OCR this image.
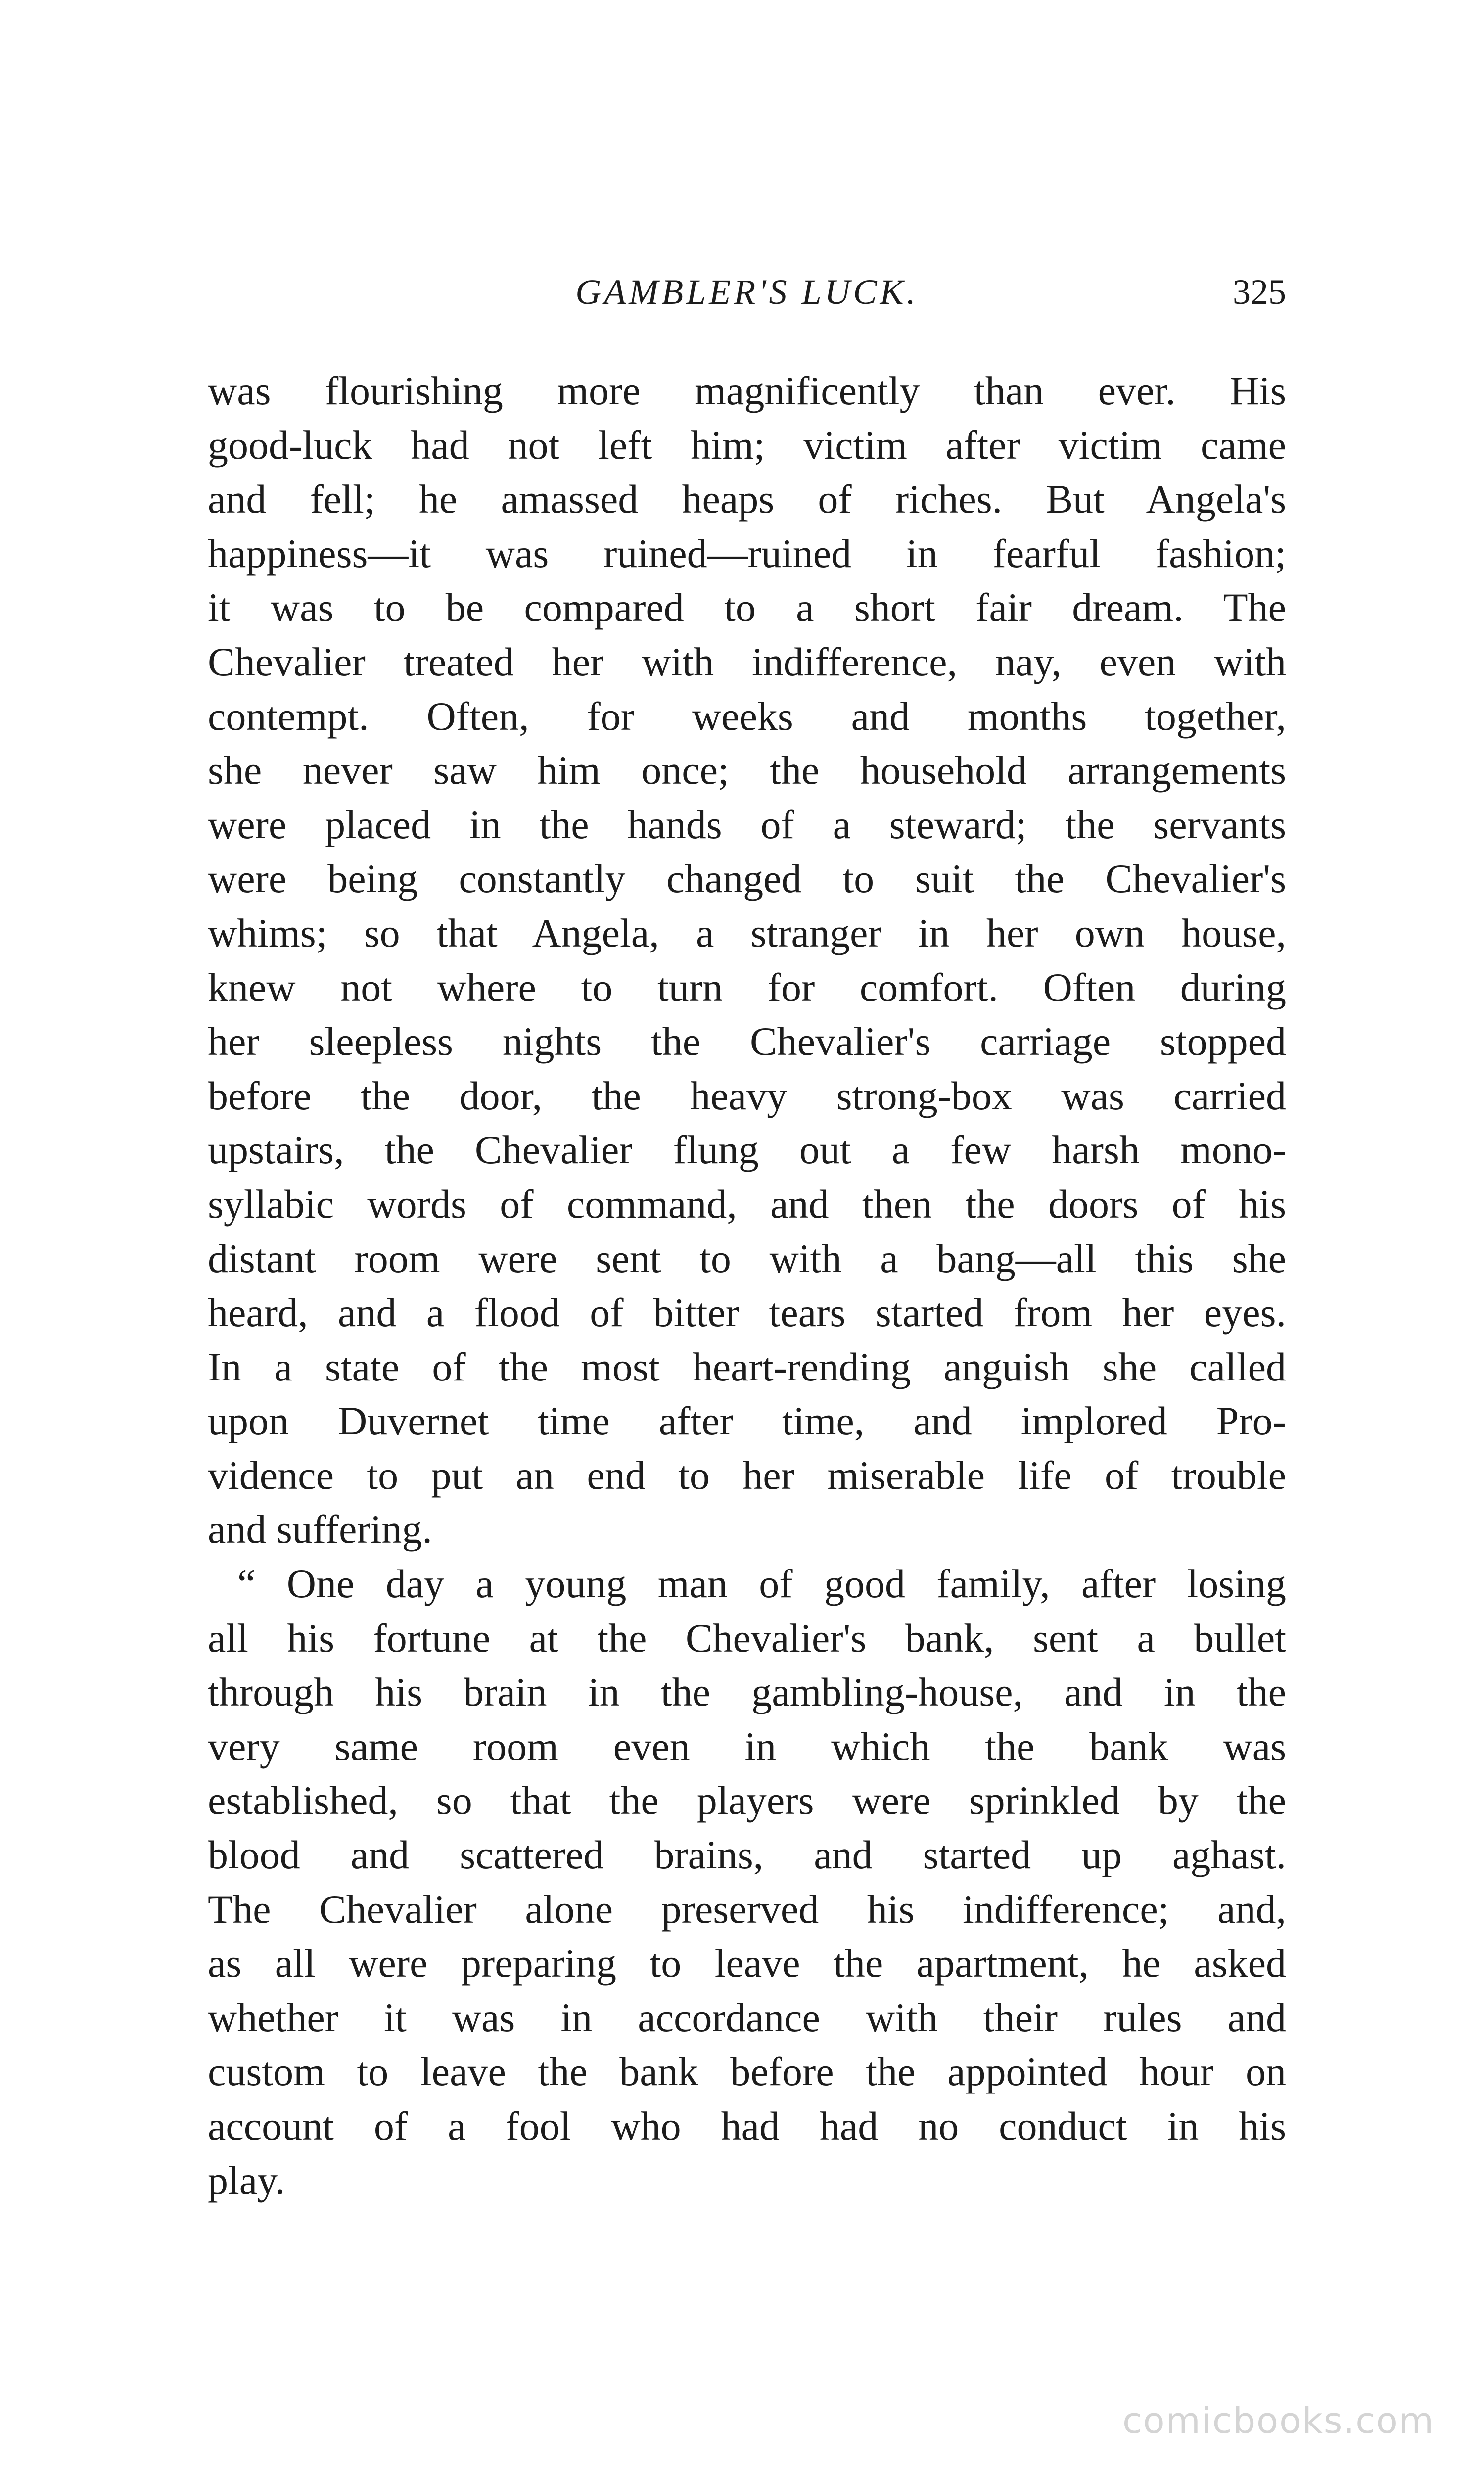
GAMBLER'S LUCK.	325
was flourishing more magnificently than ever. His
good-luck had not left him; victim after victim came
and fell; he amassed heaps of riches. But Angela's
happiness—it was ruined—ruined in fearful fashion;
it was to be compared to a short fair dream. The
Chevalier treated her with indifference, nay, even with
contempt. Often, for weeks and months together,
she never saw him once; the household arrangements
were placed in the hands of a steward; the servants
were being constantly changed to suit the Chevalier's
whims; so that Angela, a stranger in her own house,
knew not where to turn for comfort. Often during
her sleepless nights the Chevalier's carriage stopped
before the door, the heavy strong-box was carried
upstairs, the Chevalier flung out a few harsh mono-
syllabic words of command, and then the doors of his
distant room were sent to with a bang—all this she
heard, and a flood of bitter tears started from her eyes.
In a state of the most heart-rending anguish she called
upon Duvernet time after time, and implored Pro-
vidence to put an end to her miserable life of trouble
and suffering.
“ One day a young man of good family, after losing
all his fortune at the Chevalier's bank, sent a bullet
through his brain in the gambling-house, and in the
very same room even in which the bank was
established, so that the players were sprinkled by the
blood and scattered brains, and started up aghast.
The Chevalier alone preserved his indifference; and,
as all were preparing to leave the apartment, he asked
whether it was in accordance with their rules and
custom to leave the bank before the appointed hour on
account of a fool who had had no conduct in his
play.
comicbooks.com
